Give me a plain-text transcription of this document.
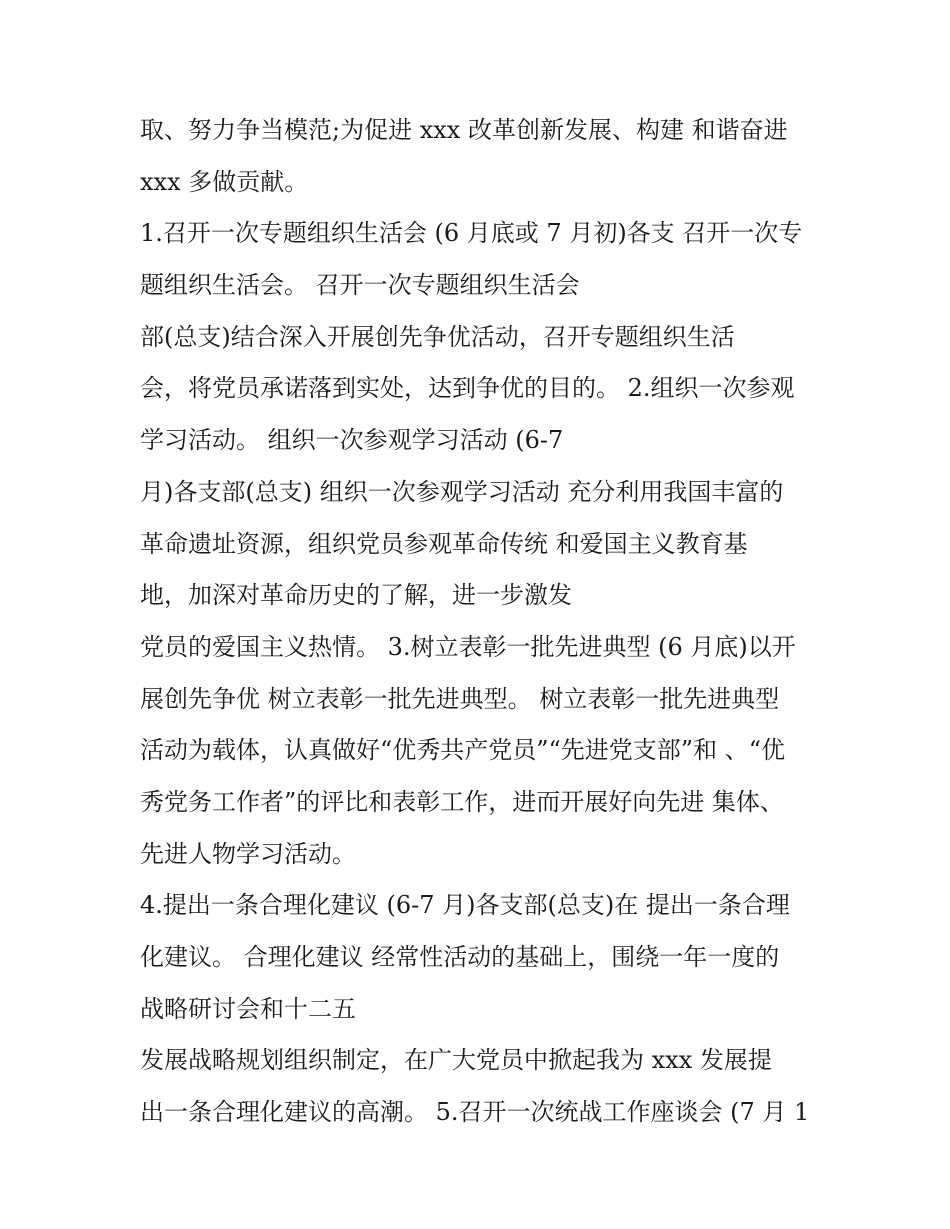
取、努力争当模范;为促进 xxx 改革创新发展、构建 和谐奋进
xxx 多做贡献。
1.召开一次专题组织生活会 (6 月底或 7 月初)各支 召开一次专
题组织生活会。 召开一次专题组织生活会
部(总支)结合深入开展创先争优活动，召开专题组织生活
会，将党员承诺落到实处，达到争优的目的。 2.组织一次参观
学习活动。 组织一次参观学习活动 (6-7
月)各支部(总支) 组织一次参观学习活动 充分利用我国丰富的
革命遗址资源，组织党员参观革命传统 和爱国主义教育基
地，加深对革命历史的了解，进一步激发
党员的爱国主义热情。 3.树立表彰一批先进典型 (6 月底)以开
展创先争优 树立表彰一批先进典型。 树立表彰一批先进典型
活动为载体，认真做好“优秀共产党员”“先进党支部”和 、“优
秀党务工作者”的评比和表彰工作，进而开展好向先进 集体、
先进人物学习活动。
4.提出一条合理化建议 (6-7 月)各支部(总支)在 提出一条合理
化建议。 合理化建议 经常性活动的基础上，围绕一年一度的
战略研讨会和十二五
发展战略规划组织制定，在广大党员中掀起我为 xxx 发展提
出一条合理化建议的高潮。 5.召开一次统战工作座谈会 (7 月 1
